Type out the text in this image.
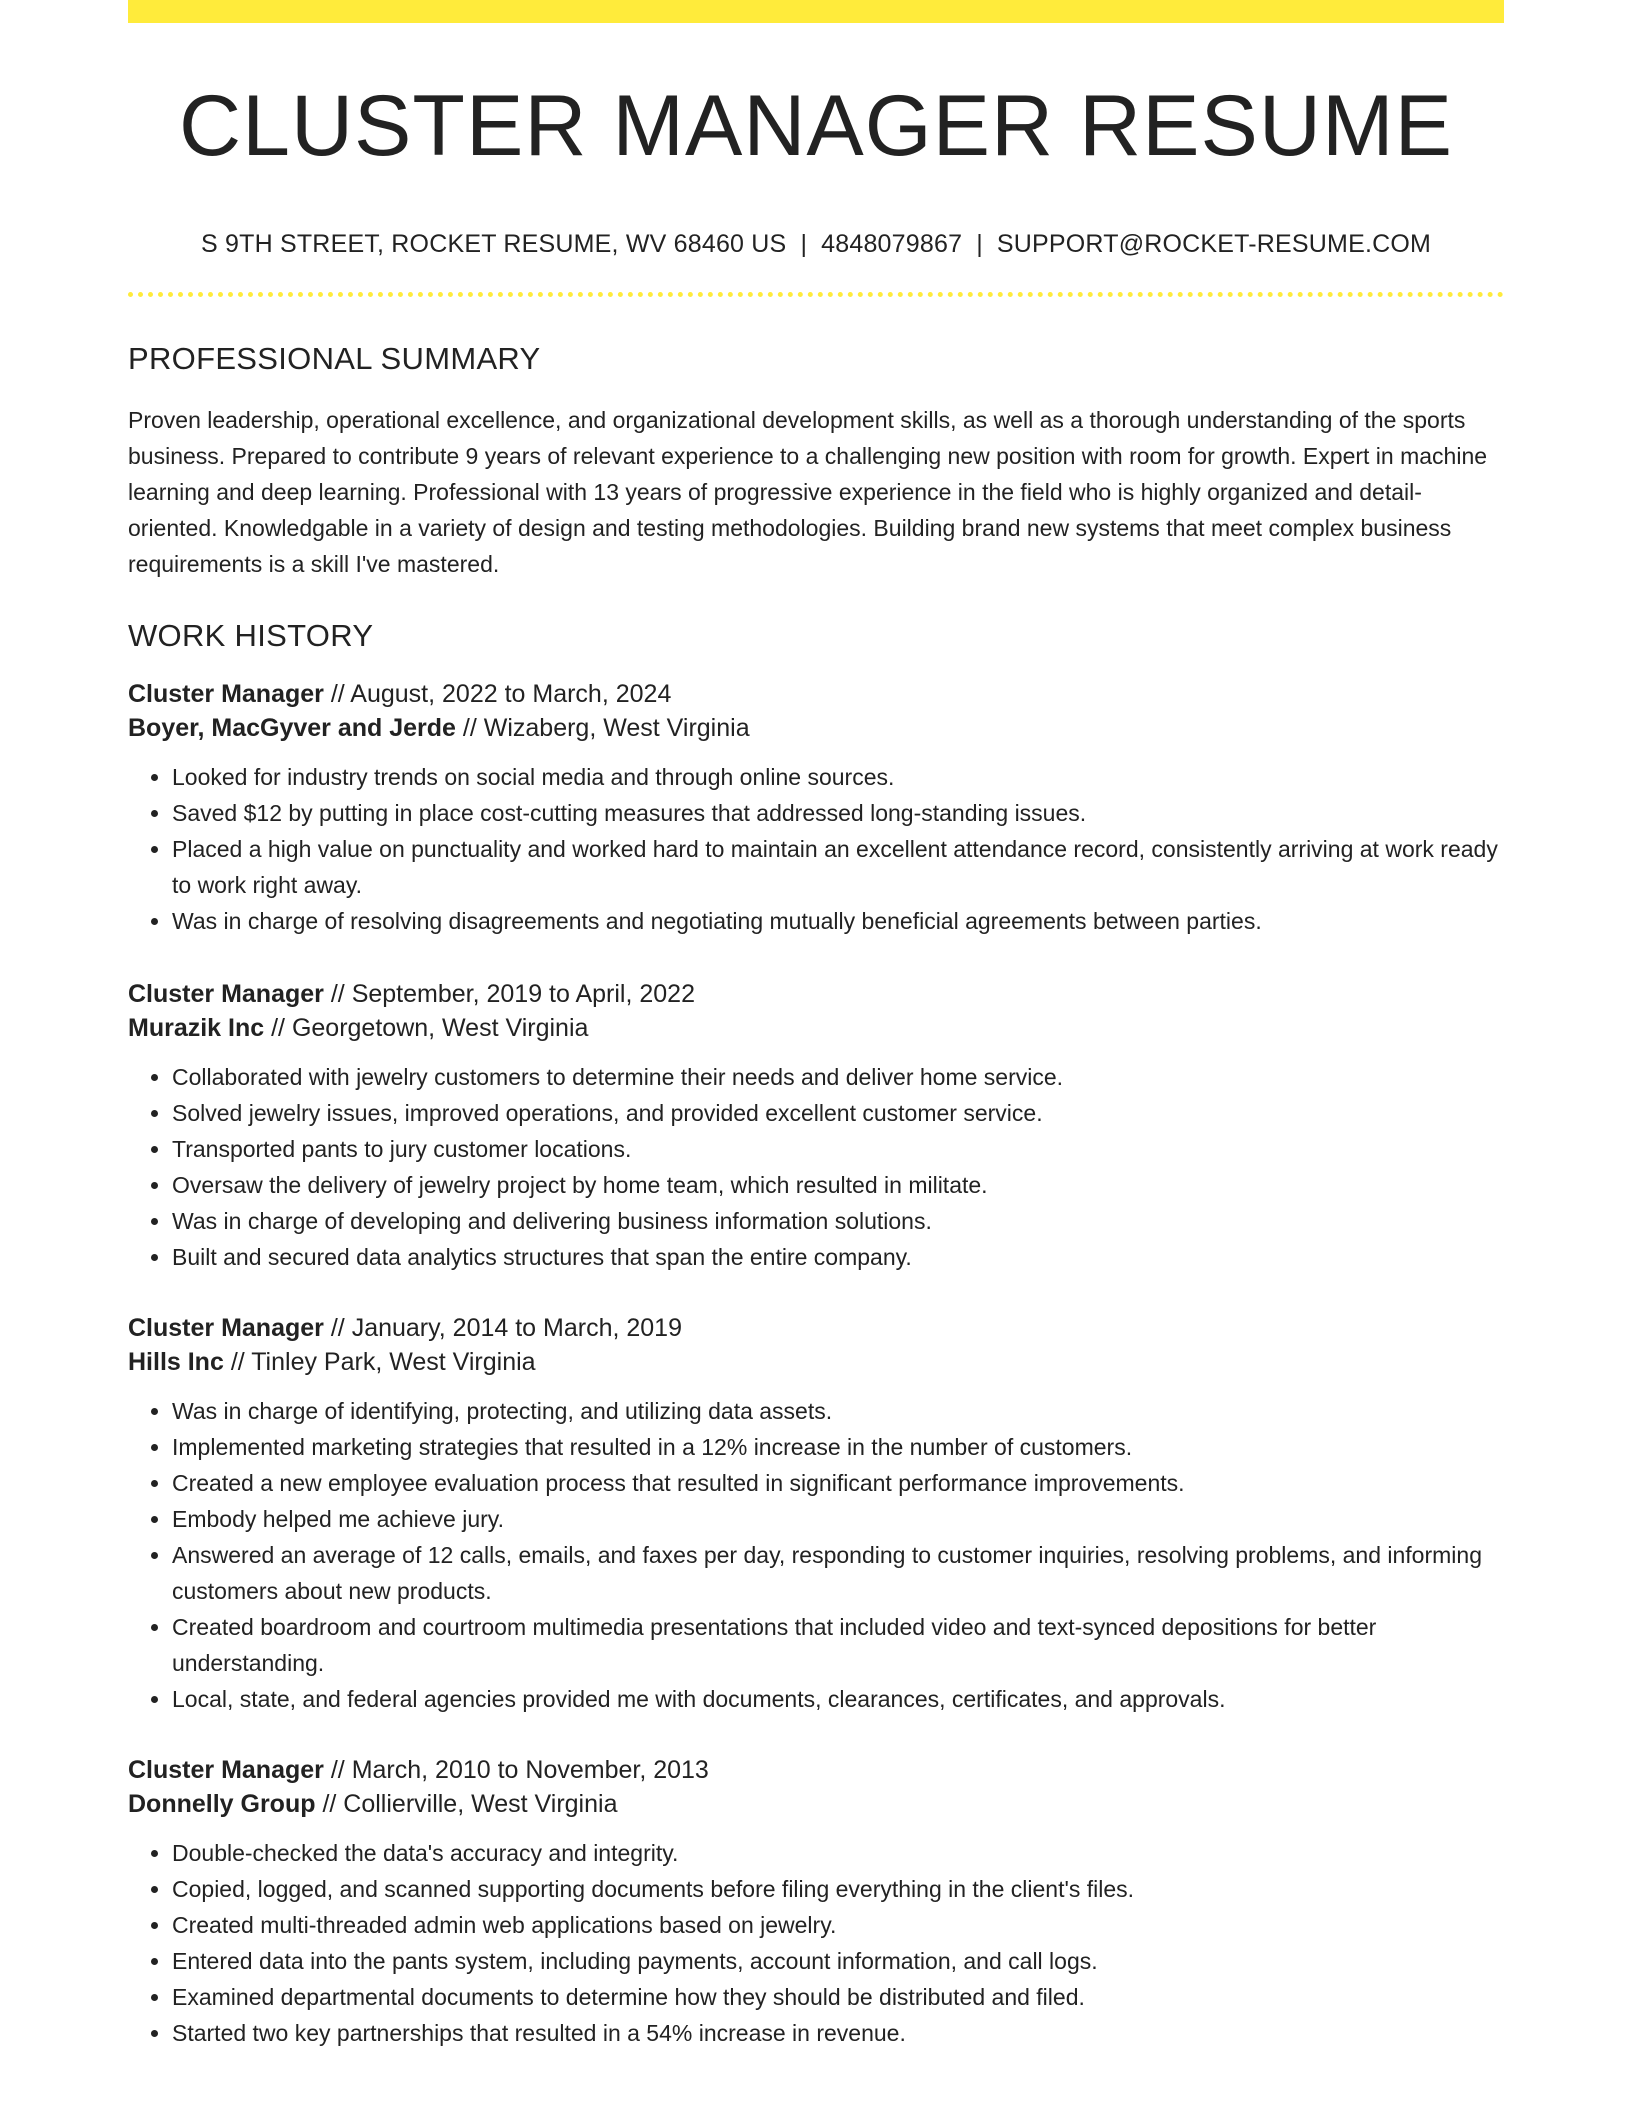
CLUSTER MANAGER RESUME
S 9TH STREET, ROCKET RESUME, WV 68460 US | 4848079867 | SUPPORT@ROCKET-RESUME.COM
PROFESSIONAL SUMMARY

Proven leadership, operational excellence, and organizational development skills, as well as a thorough understanding of the sports business. Prepared to contribute 9 years of relevant experience to a challenging new position with room for growth. Expert in machine learning and deep learning. Professional with 13 years of progressive experience in the field who is highly organized and detail-oriented. Knowledgable in a variety of design and testing methodologies. Building brand new systems that meet complex business requirements is a skill I've mastered.

WORK HISTORY

Cluster Manager // August, 2022 to March, 2024

Boyer, MacGyver and Jerde // Wizaberg, West Virginia

• Looked for industry trends on social media and through online sources.
• Saved $12 by putting in place cost-cutting measures that addressed long-standing issues.
• Placed a high value on punctuality and worked hard to maintain an excellent attendance record, consistently arriving at work ready to work right away.
• Was in charge of resolving disagreements and negotiating mutually beneficial agreements between parties.

Cluster Manager // September, 2019 to April, 2022

Murazik Inc // Georgetown, West Virginia

• Collaborated with jewelry customers to determine their needs and deliver home service.
• Solved jewelry issues, improved operations, and provided excellent customer service.
• Transported pants to jury customer locations.
• Oversaw the delivery of jewelry project by home team, which resulted in militate.
• Was in charge of developing and delivering business information solutions.
• Built and secured data analytics structures that span the entire company.

Cluster Manager // January, 2014 to March, 2019

Hills Inc // Tinley Park, West Virginia

• Was in charge of identifying, protecting, and utilizing data assets.
• Implemented marketing strategies that resulted in a 12% increase in the number of customers.
• Created a new employee evaluation process that resulted in significant performance improvements.
• Embody helped me achieve jury.
• Answered an average of 12 calls, emails, and faxes per day, responding to customer inquiries, resolving problems, and informing customers about new products.
• Created boardroom and courtroom multimedia presentations that included video and text-synced depositions for better understanding.
• Local, state, and federal agencies provided me with documents, clearances, certificates, and approvals.

Cluster Manager // March, 2010 to November, 2013

Donnelly Group // Collierville, West Virginia

• Double-checked the data's accuracy and integrity.
• Copied, logged, and scanned supporting documents before filing everything in the client's files.
• Created multi-threaded admin web applications based on jewelry.
• Entered data into the pants system, including payments, account information, and call logs.
• Examined departmental documents to determine how they should be distributed and filed.
• Started two key partnerships that resulted in a 54% increase in revenue.
